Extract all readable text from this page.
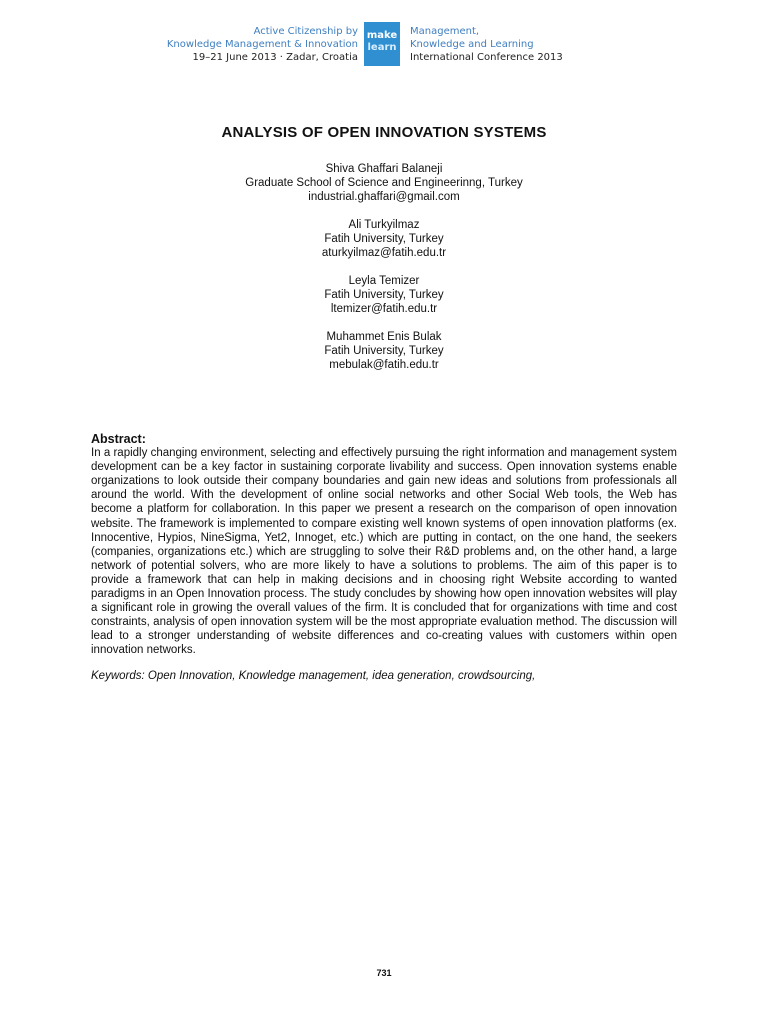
Active Citizenship by
Knowledge Management & Innovation
19–21 June 2013 · Zadar, Croatia
make
learn
Management,
Knowledge and Learning
International Conference 2013
ANALYSIS OF OPEN INNOVATION SYSTEMS
Shiva Ghaffari Balaneji
Graduate School of Science and Engineerinng, Turkey
industrial.ghaffari@gmail.com
Ali Turkyilmaz
Fatih University, Turkey
aturkyilmaz@fatih.edu.tr
Leyla Temizer
Fatih University, Turkey
ltemizer@fatih.edu.tr
Muhammet Enis Bulak
Fatih University, Turkey
mebulak@fatih.edu.tr

Abstract:

In a rapidly changing environment, selecting and effectively pursuing the right information and management system development can be a key factor in sustaining corporate livability and success. Open innovation systems enable organizations to look outside their company boundaries and gain new ideas and solutions from professionals all around the world. With the development of online social networks and other Social Web tools, the Web has become a platform for collaboration. In this paper we present a research on the comparison of open innovation website. The framework is implemented to compare existing well known systems of open innovation platforms (ex. Innocentive, Hypios, NineSigma, Yet2, Innoget, etc.) which are putting in contact, on the one hand, the seekers (companies, organizations etc.) which are struggling to solve their R&D problems and, on the other hand, a large network of potential solvers, who are more likely to have a solutions to problems. The aim of this paper is to provide a framework that can help in making decisions and in choosing right Website according to wanted paradigms in an Open Innovation process. The study concludes by showing how open innovation websites will play a significant role in growing the overall values of the firm. It is concluded that for organizations with time and cost constraints, analysis of open innovation system will be the most appropriate evaluation method. The discussion will lead to a stronger understanding of website differences and co-creating values with customers within open innovation networks.

Keywords: Open Innovation, Knowledge management, idea generation, crowdsourcing,

731
